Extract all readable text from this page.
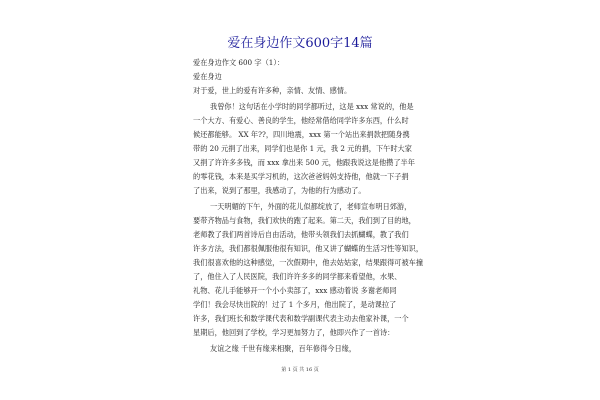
爱在身边作文600字14篇
爱在身边作文 600 字（1）：
爱在身边
对于爱，世上的爱有许多种，亲情、友情、感情。
我曾你！这句话在小学时的同学都听过，这是 xxx 常说的，他是
一个大方、有爱心、善良的学生，他经常借给同学许多东西，什么时
候还都能够。 XX 年??，四川地震，xxx 第一个站出来捐款把随身携
带的 20 元捐了出来，同学们也是你 1 元，我 2 元的捐，下午时大家
又捐了许许多多钱，而 xxx 拿出来 500 元，他跟我说这是他攒了半年
的零花钱，本来是买学习机的，这次爸爸妈妈支持他，他就一下子捐
了出来，说到了那里，我感动了，为他的行为感动了。
一天明媚的下午，外面的花儿似都绽放了，老师宣布明日郊游，
要带齐物品与食物，我们欢快的跑了起来。第二天，我们到了目的地，
老师教了我们两首诗后自由活动，他带头领我们去抓蝴蝶，教了我们
许多方法，我们都很佩服他很有知识，他又讲了蝴蝶的生活习性等知识，
我们很喜欢他的这种感觉，一次假期中，他去姑姑家，结果跟得可被车撞
了，他住入了人民医院，我们许许多多的同学都来看望他，水果、
礼物、花儿手能够开一个小小卖部了，xxx 感动着说 多谢老师同
学们！我会尽快出院的！过了 1 个多月，他出院了，是动课拉了
许多，我们班长和数学课代表和数学副课代表主动去他家补课，一个
星期后，他回到了学校，学习更加努力了，他即兴作了一首诗：
友谊之缘 千世有缘来相聚，百年修得今日缘，
第 1 页 共 16 页
